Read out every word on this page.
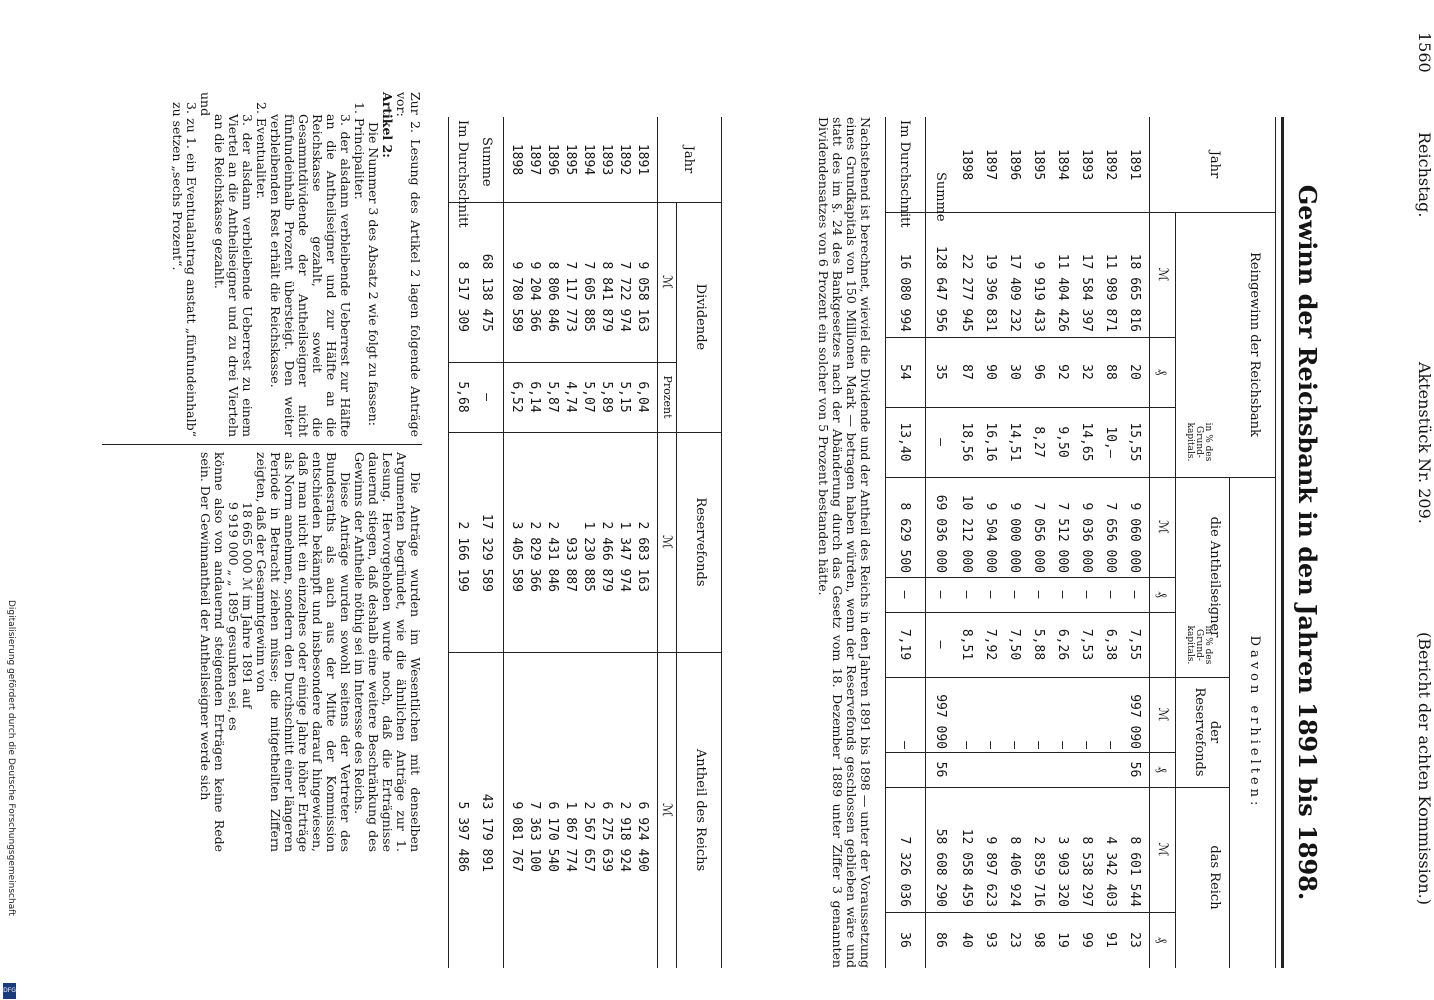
1560
Reichstag.
Aktenstück Nr. 209.
(Bericht der achten Kommission.)
Gewinn der Reichsbank in den Jahren 1891 bis 1898.
Jahr
Reingewinn der Reichsbank
Davon erhielten:
die Antheilseigner
der Reservefonds
das Reich
ℳ
₰
in % des Grund-kapitals.
ℳ
₰
in % des Grund-kapitals.
ℳ
₰
ℳ
₰
1891
18 665 816
20
15,55
9 060 000
—
7,55
997 090
56
8 601 544
23
1892
11 989 871
88
10,–
7 656 000
—
6,38
—
4 342 403
91
1893
17 584 397
32
14,65
9 036 000
—
7,53
—
8 538 297
99
1894
11 404 426
92
9,50
7 512 000
—
6,26
—
3 903 320
19
1895
9 919 433
96
8,27
7 056 000
—
5,88
—
2 859 716
98
1896
17 409 232
30
14,51
9 000 000
—
7,50
—
8 406 924
23
1897
19 396 831
90
16,16
9 504 000
—
7,92
—
9 897 623
93
1898
22 277 945
87
18,56
10 212 000
—
8,51
—
12 058 459
40
Summe
128 647 956
35
—
69 036 000
—
—
997 090
56
58 608 290
86
Im Durchschnitt
16 080 994
54
13,40
8 629 500
—
7,19
—
7 326 036
36
Nachstehend ist berechnet, wieviel die Dividende und der Antheil des Reichs in den Jahren 1891 bis 1898 — unter der Voraussetzung eines Grundkapitals von 150 Millionen Mark — betragen haben würden, wenn der Reservefonds geschlossen geblieben wäre und statt des im §. 24 des Bankgesetzes nach der Abänderung durch das Gesetz vom 18. Dezember 1889 unter Ziffer 3 genannten Dividendensatzes von 6 Prozent ein solcher von 5 Prozent bestanden hätte.
Jahr
Dividende
Reservefonds
Antheil des Reichs
ℳ
Prozent
ℳ
ℳ
1891
9 058 163
6,04
2 683 163
6 924 490
1892
7 722 974
5,15
1 347 974
2 918 924
1893
8 841 879
5,89
2 466 879
6 275 639
1894
7 605 885
5,07
1 230 885
2 567 657
1895
7 117 773
4,74
933 887
1 867 774
1896
8 806 846
5,87
2 431 846
6 170 540
1897
9 204 366
6,14
2 829 366
7 363 100
1898
9 780 589
6,52
3 405 589
9 081 767
Summe
68 138 475
—
17 329 589
43 179 891
Im Durchschnitt
8 517 309
5,68
2 166 199
5 397 486
Zur 2. Lesung des Artikel 2 lagen folgende Anträge vor:
Artikel 2:
Die Nummer 3 des Absatz 2 wie folgt zu fassen:
1. Principaliter.
3. der alsdann verbleibende Ueberrest zur Hälfte an die Antheilseigner und zur Hälfte an die Reichskasse gezahlt, soweit die Gesammtdividende der Antheilseigner nicht fünfundeinhalb Prozent übersteigt. Den weiter verbleibenden Rest erhält die Reichskasse.
2. Eventualiter.
3. der alsdann verbleibende Ueberrest zu einem Viertel an die Antheilseigner und zu drei Vierteln an die Reichskasse gezahlt.
und
3. zu 1. ein Eventualantrag anstatt „fünfundeinhalb“ zu setzen „sechs Prozent“.
Die Anträge wurden im Wesentlichen mit denselben Argumenten begründet, wie die ähnlichen Anträge zur 1. Lesung. Hervorgehoben wurde noch, daß die Erträgnisse dauernd stiegen, daß deshalb eine weitere Beschränkung des Gewinns der Antheile nöthig sei im Interesse des Reichs.
Diese Anträge wurden sowohl seitens der Vertreter des Bundesraths als auch aus der Mitte der Kommission entschieden bekämpft und insbesondere darauf hingewiesen, daß man nicht ein einzelnes oder einige Jahre höher Erträge als Norm annehmen, sondern den Durchschnitt einer längeren Periode in Betracht ziehen müsse; die mitgetheilten Ziffern zeigten, daß der Gesammtgewinn von
18 665 000 ℳ im Jahre 1891 auf
9 919 000 „ „ 1895 gesunken sei, es
könne also von andauernd steigenden Erträgen keine Rede sein. Der Gewinnantheil der Antheilseigner werde sich
Digitalisierung gefördert durch die Deutsche Forschungsgemeinschaft
DFG
